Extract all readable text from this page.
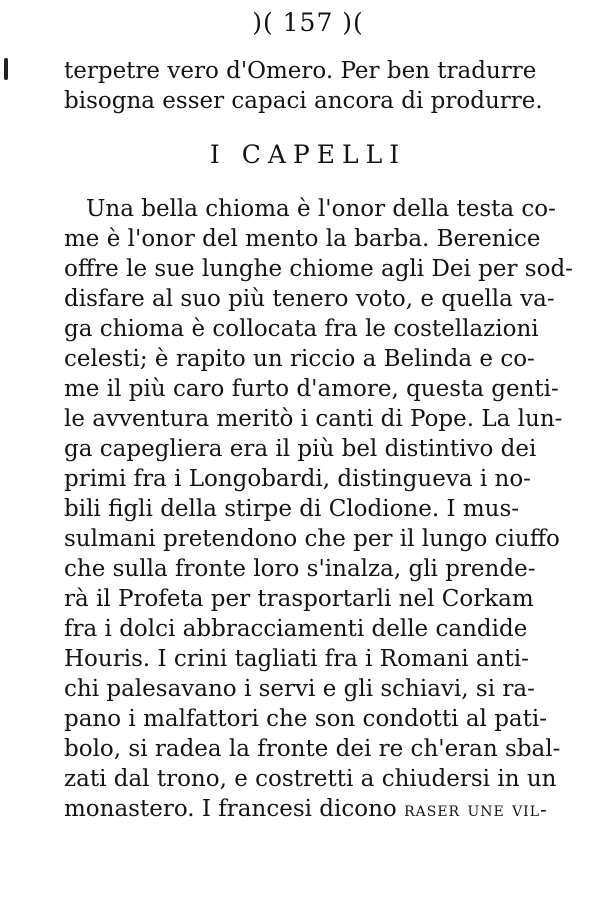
)( 157 )(
terpetre vero d'Omero. Per ben tradurre
bisogna esser capaci ancora di produrre.
I CAPELLI
Una bella chioma è l'onor della testa co-
me è l'onor del mento la barba. Berenice
offre le sue lunghe chiome agli Dei per sod-
disfare al suo più tenero voto, e quella va-
ga chioma è collocata fra le costellazioni
celesti; è rapito un riccio a Belinda e co-
me il più caro furto d'amore, questa genti-
le avventura meritò i canti di Pope. La lun-
ga capegliera era il più bel distintivo dei
primi fra i Longobardi, distingueva i no-
bili figli della stirpe di Clodione. I mus-
sulmani pretendono che per il lungo ciuffo
che sulla fronte loro s'inalza, gli prende-
rà il Profeta per trasportarli nel Corkam
fra i dolci abbracciamenti delle candide
Houris. I crini tagliati fra i Romani anti-
chi palesavano i servi e gli schiavi, si ra-
pano i malfattori che son condotti al pati-
bolo, si radea la fronte dei re ch'eran sbal-
zati dal trono, e costretti a chiudersi in un
monastero. I francesi dicono raser une vil-
